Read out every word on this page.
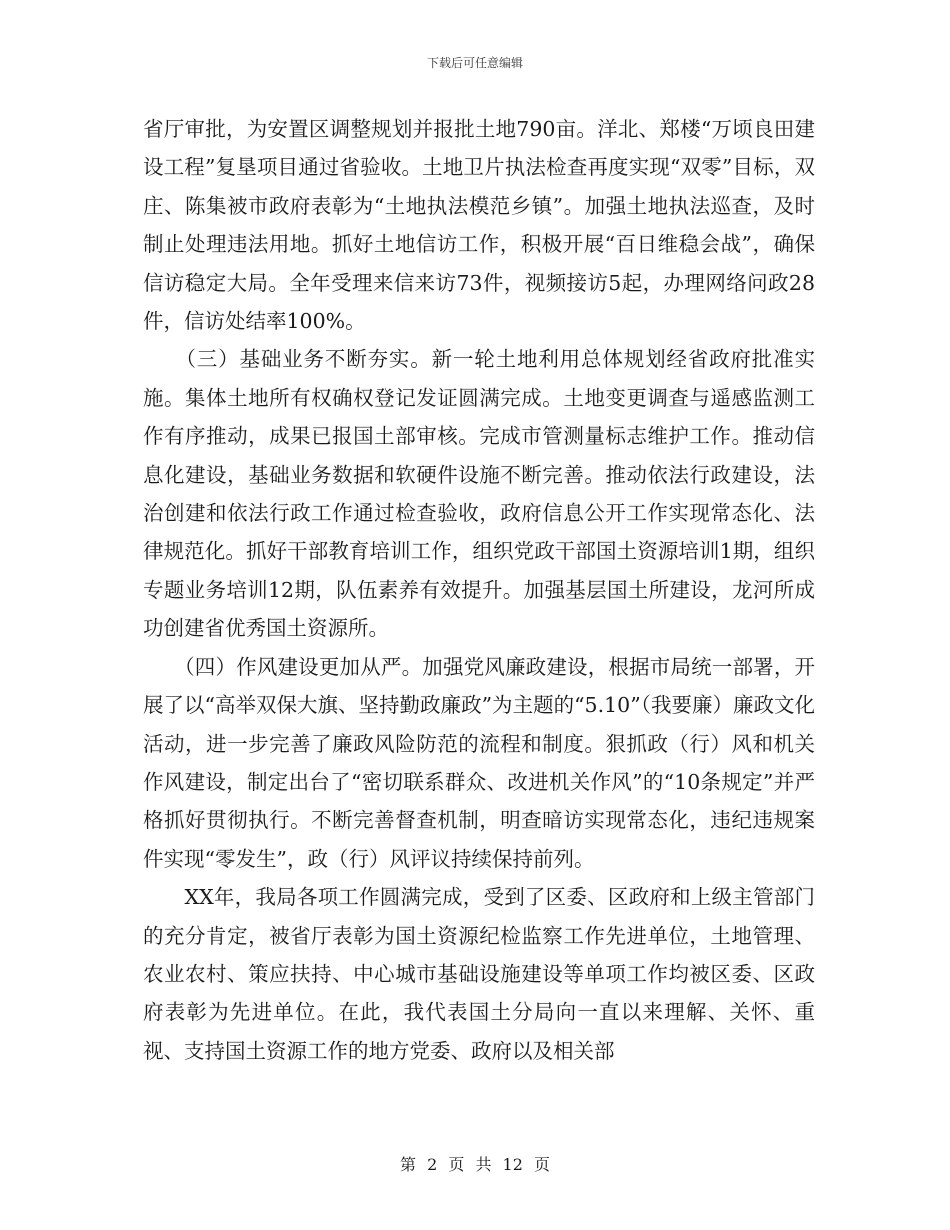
下载后可任意编辑

省厅审批，为安置区调整规划并报批土地790亩。洋北、郑楼“万顷良田建设工程”复垦项目通过省验收。土地卫片执法检查再度实现“双零”目标，双庄、陈集被市政府表彰为“土地执法模范乡镇”。加强土地执法巡查，及时制止处理违法用地。抓好土地信访工作，积极开展“百日维稳会战”，确保信访稳定大局。全年受理来信来访73件，视频接访5起，办理网络问政28件，信访处结率100%。

　　（三）基础业务不断夯实。新一轮土地利用总体规划经省政府批准实施。集体土地所有权确权登记发证圆满完成。土地变更调查与遥感监测工作有序推动，成果已报国土部审核。完成市管测量标志维护工作。推动信息化建设，基础业务数据和软硬件设施不断完善。推动依法行政建设，法治创建和依法行政工作通过检查验收，政府信息公开工作实现常态化、法律规范化。抓好干部教育培训工作，组织党政干部国土资源培训1期，组织专题业务培训12期，队伍素养有效提升。加强基层国土所建设，龙河所成功创建省优秀国土资源所。

　　（四）作风建设更加从严。加强党风廉政建设，根据市局统一部署，开展了以“高举双保大旗、坚持勤政廉政”为主题的“5.10”（我要廉）廉政文化活动，进一步完善了廉政风险防范的流程和制度。狠抓政（行）风和机关作风建设，制定出台了“密切联系群众、改进机关作风”的“10条规定”并严格抓好贯彻执行。不断完善督查机制，明查暗访实现常态化，违纪违规案件实现“零发生”，政（行）风评议持续保持前列。

　　XX年，我局各项工作圆满完成，受到了区委、区政府和上级主管部门的充分肯定，被省厅表彰为国土资源纪检监察工作先进单位，土地管理、农业农村、策应扶持、中心城市基础设施建设等单项工作均被区委、区政府表彰为先进单位。在此，我代表国土分局向一直以来理解、关怀、重视、支持国土资源工作的地方党委、政府以及相关部

第 2 页 共 12 页
